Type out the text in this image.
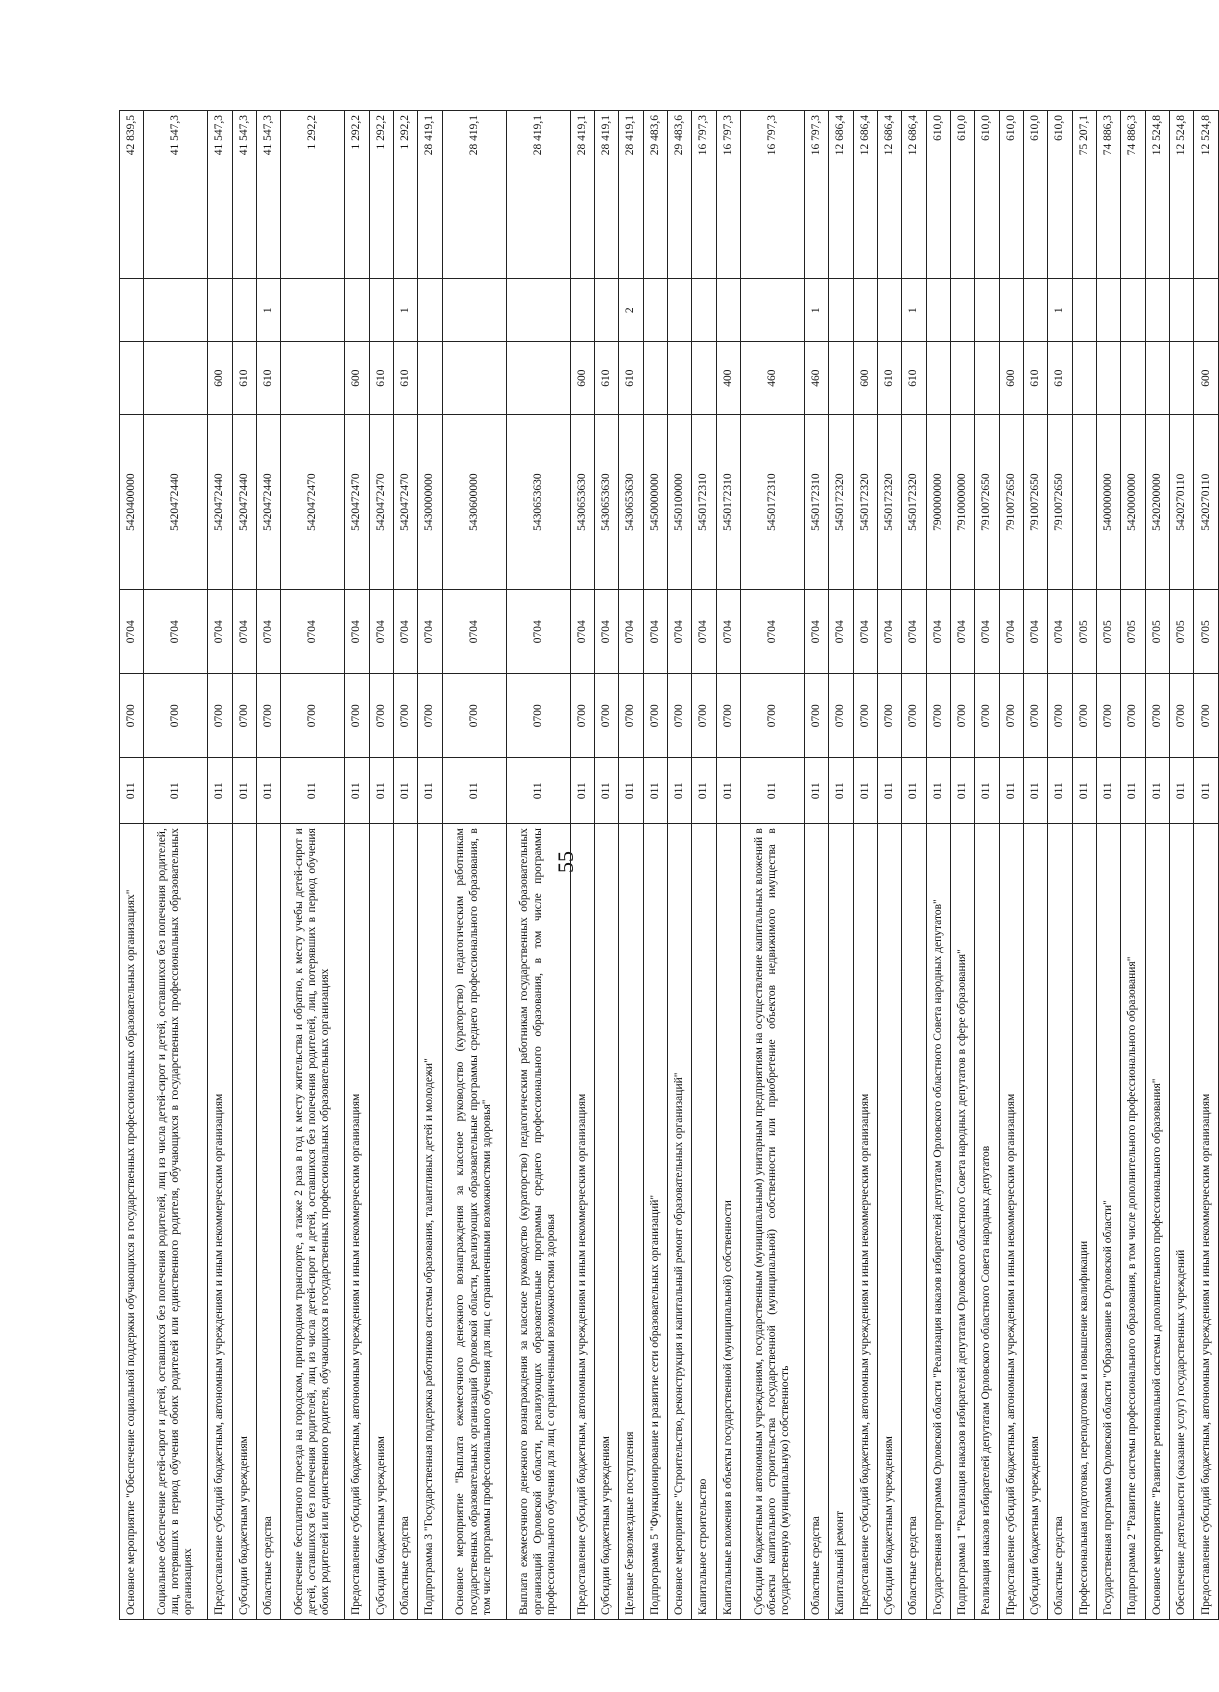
55
Основное мероприятие "Обеспечение социальной поддержки обучающихся в государственных профессиональных образовательных организациях"	011	0700	0704	5420400000			42 839,5
Социальное обеспечение детей-сирот и детей, оставшихся без попечения родителей, лиц из числа детей-сирот и детей, оставшихся без попечения родителей, лиц, потерявших в период обучения обоих родителей или единственного родителя, обучающихся в государственных профессиональных образовательных организациях	011	0700	0704	5420472440			41 547,3
Предоставление субсидий бюджетным, автономным учреждениям и иным некоммерческим организациям	011	0700	0704	5420472440	600		41 547,3
Субсидии бюджетным учреждениям	011	0700	0704	5420472440	610		41 547,3
Областные средства	011	0700	0704	5420472440	610	1	41 547,3
Обеспечение бесплатного проезда на городском, пригородном транспорте, а также 2 раза в год к месту жительства и обратно, к месту учебы детей-сирот и детей, оставшихся без попечения родителей, лиц из числа детей-сирот и детей, оставшихся без попечения родителей, лиц, потерявших в период обучения обоих родителей или единственного родителя, обучающихся в государственных профессиональных образовательных организациях	011	0700	0704	5420472470			1 292,2
Предоставление субсидий бюджетным, автономным учреждениям и иным некоммерческим организациям	011	0700	0704	5420472470	600		1 292,2
Субсидии бюджетным учреждениям	011	0700	0704	5420472470	610		1 292,2
Областные средства	011	0700	0704	5420472470	610	1	1 292,2
Подпрограмма 3 "Государственная поддержка работников системы образования, талантливых детей и молодежи"	011	0700	0704	5430000000			28 419,1
Основное мероприятие "Выплата ежемесячного денежного вознаграждения за классное руководство (кураторство) педагогическим работникам государственных образовательных организаций Орловской области, реализующих образовательные программы среднего профессионального образования, в том числе программы профессионального обучения для лиц с ограниченными возможностями здоровья"	011	0700	0704	5430600000			28 419,1
Выплата ежемесячного денежного вознаграждения за классное руководство (кураторство) педагогическим работникам государственных образовательных организаций Орловской области, реализующих образовательные программы среднего профессионального образования, в том числе программы профессионального обучения для лиц с ограниченными возможностями здоровья	011	0700	0704	5430653630			28 419,1
Предоставление субсидий бюджетным, автономным учреждениям и иным некоммерческим организациям	011	0700	0704	5430653630	600		28 419,1
Субсидии бюджетным учреждениям	011	0700	0704	5430653630	610		28 419,1
Целевые безвозмездные поступления	011	0700	0704	5430653630	610	2	28 419,1
Подпрограмма 5 "Функционирование и развитие сети образовательных организаций"	011	0700	0704	5450000000			29 483,6
Основное мероприятие "Строительство, реконструкция и капитальный ремонт образовательных организаций"	011	0700	0704	5450100000			29 483,6
Капитальное строительство	011	0700	0704	5450172310			16 797,3
Капитальные вложения в объекты государственной (муниципальной) собственности	011	0700	0704	5450172310	400		16 797,3
Субсидии бюджетным и автономным учреждениям, государственным (муниципальным) унитарным предприятиям на осуществление капитальных вложений в объекты капитального строительства государственной (муниципальной) собственности или приобретение объектов недвижимого имущества в государственную (муниципальную) собственность	011	0700	0704	5450172310	460		16 797,3
Областные средства	011	0700	0704	5450172310	460	1	16 797,3
Капитальный ремонт	011	0700	0704	5450172320			12 686,4
Предоставление субсидий бюджетным, автономным учреждениям и иным некоммерческим организациям	011	0700	0704	5450172320	600		12 686,4
Субсидии бюджетным учреждениям	011	0700	0704	5450172320	610		12 686,4
Областные средства	011	0700	0704	5450172320	610	1	12 686,4
Государственная программа Орловской области "Реализация наказов избирателей депутатам Орловского областного Совета народных депутатов"	011	0700	0704	7900000000			610,0
Подпрограмма 1 "Реализация наказов избирателей депутатам Орловского областного Совета народных депутатов в сфере образования"	011	0700	0704	7910000000			610,0
Реализация наказов избирателей депутатам Орловского областного Совета народных депутатов	011	0700	0704	7910072650			610,0
Предоставление субсидий бюджетным, автономным учреждениям и иным некоммерческим организациям	011	0700	0704	7910072650	600		610,0
Субсидии бюджетным учреждениям	011	0700	0704	7910072650	610		610,0
Областные средства	011	0700	0704	7910072650	610	1	610,0
Профессиональная подготовка, переподготовка и повышение квалификации	011	0700	0705				75 207,1
Государственная программа Орловской области "Образование в Орловской области"	011	0700	0705	5400000000			74 886,3
Подпрограмма 2 "Развитие системы профессионального образования, в том числе дополнительного профессионального образования"	011	0700	0705	5420000000			74 886,3
Основное мероприятие "Развитие региональной системы дополнительного профессионального образования"	011	0700	0705	5420200000			12 524,8
Обеспечение деятельности (оказание услуг) государственных учреждений	011	0700	0705	5420270110			12 524,8
Предоставление субсидий бюджетным, автономным учреждениям и иным некоммерческим организациям	011	0700	0705	5420270110	600		12 524,8
